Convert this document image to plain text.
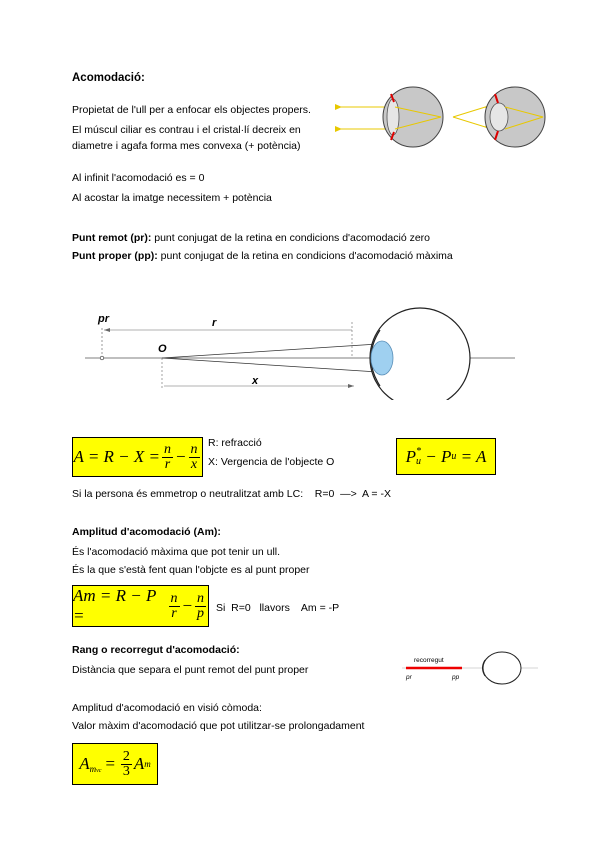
Acomodació:
Propietat de l'ull per a enfocar els objectes propers.
El múscul ciliar es contrau i el cristal·lí decreix en
diametre i agafa forma mes convexa (+ potència)
Al infinit l'acomodació es = 0
Al acostar la imatge necessitem + potència
Punt remot (pr): punt conjugat de la retina en condicions d'acomodació zero
Punt proper (pp): punt conjugat de la retina en condicions d'acomodació màxima
pr	r
O
x
$A = R - X = \frac{n}{r} - \frac{n}{x} R$: refracció
X: Vergencia de l'objecte O	P *
u − P u = A
Si la persona és emmetrop o neutralitzat amb LC:    R=0  —>  A = -X
Amplitud d'acomodació (Am):
És l'acomodació màxima que pot tenir un ull.
És la que s'està fent quan l'objcte es al punt proper
Am = R − P =	$\frac{n}{r} - \frac{n}{p}$ Si  R=0   llavors    Am = -P
Rang o recorregut d'acomodació:
Distància que separa el punt remot del punt proper
recorregut
pr	pp
Amplitud d'acomodació en visió còmoda:
Valor màxim d'acomodació que pot utilitzar-se prolongadament
A mvc = $\frac{2}{3}$ A m
